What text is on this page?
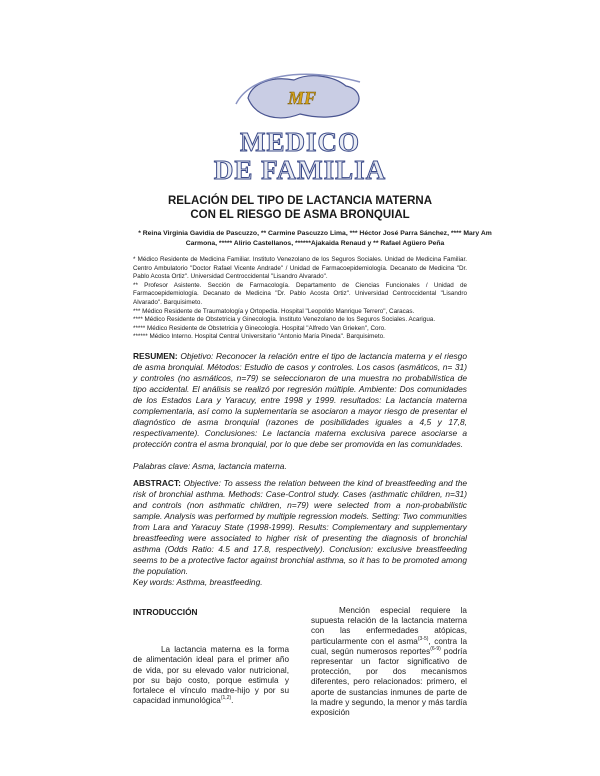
MF
MEDICO
DE FAMILIA
RELACIÓN DEL TIPO DE LACTANCIA MATERNA
CON EL RIESGO DE ASMA BRONQUIAL
* Reina Virginia Gavidia de Pascuzzo, ** Carmine Pascuzzo Lima, *** Héctor José Parra Sánchez, **** Mary Am
Carmona, ***** Alirio Castellanos, ******Ajakaida Renaud y ** Rafael Agüero Peña
* Médico Residente de Medicina Familiar. Instituto Venezolano de los Seguros Sociales. Unidad de Medicina Familiar. Centro Ambulatorio "Doctor Rafael Vicente Andrade" / Unidad de Farmacoepidemiología. Decanato de Medicina "Dr. Pablo Acosta Ortiz". Universidad Centroccidental "Lisandro Alvarado".
** Profesor Asistente. Sección de Farmacología. Departamento de Ciencias Funcionales / Unidad de Farmacoepidemiología. Decanato de Medicina "Dr. Pablo Acosta Ortiz". Universidad Centroccidental "Lisandro Alvarado". Barquisimeto.
*** Médico Residente de Traumatología y Ortopedia. Hospital "Leopoldo Manrique Terrero", Caracas.
**** Médico Residente de Obstetricia y Ginecología. Instituto Venezolano de los Seguros Sociales. Acarigua.
***** Médico Residente de Obstetricia y Ginecología. Hospital "Alfredo Van Grieken", Coro.
****** Médico Interno. Hospital Central Universitario "Antonio María Pineda". Barquisimeto.
RESUMEN: Objetivo: Reconocer la relación entre el tipo de lactancia materna y el riesgo de asma bronquial. Métodos: Estudio de casos y controles. Los casos (asmáticos, n= 31) y controles (no asmáticos, n=79) se seleccionaron de una muestra no probabilística de tipo accidental. El análisis se realizó por regresión múltiple. Ambiente: Dos comunidades de los Estados Lara y Yaracuy, entre 1998 y 1999. resultados: La lactancia materna complementaria, así como la suplementaria se asociaron a mayor riesgo de presentar el diagnóstico de asma bronquial (razones de posibilidades iguales a 4,5 y 17,8, respectivamente). Conclusiones: Le lactancia materna exclusiva parece asociarse a protección contra el asma bronquial, por lo que debe ser promovida en las comunidades.
Palabras clave: Asma, lactancia materna.
ABSTRACT: Objective: To assess the relation between the kind of breastfeeding and the risk of bronchial asthma. Methods: Case-Control study. Cases (asthmatic children, n=31) and controls (non asthmatic children, n=79) were selected from a non-probabilistic sample. Analysis was performed by multiple regression models. Setting: Two communities from Lara and Yaracuy State (1998-1999). Results: Complementary and supplementary breastfeeding were associated to higher risk of presenting the diagnosis of bronchial asthma (Odds Ratio: 4.5 and 17.8, respectively). Conclusion: exclusive breastfeeding seems to be a protective factor against bronchial asthma, so it has to be promoted among the population.
Key words: Asthma, breastfeeding.
INTRODUCCIÓN
La lactancia materna es la forma de alimentación ideal para el primer año de vida, por su elevado valor nutricional, por su bajo costo, porque estimula y fortalece el vínculo madre-hijo y por su capacidad inmunológica$^{(1,2)}$.
Mención especial requiere la supuesta relación de la lactancia materna con las enfermedades atópicas, particularmente con el asma$^{(3-5)}$, contra la cual, según numerosos reportes$^{(6-9)}$ podría representar un factor significativo de protección, por dos mecanismos diferentes, pero relacionados: primero, el aporte de sustancias inmunes de parte de la madre y segundo, la menor y más tardía exposición
